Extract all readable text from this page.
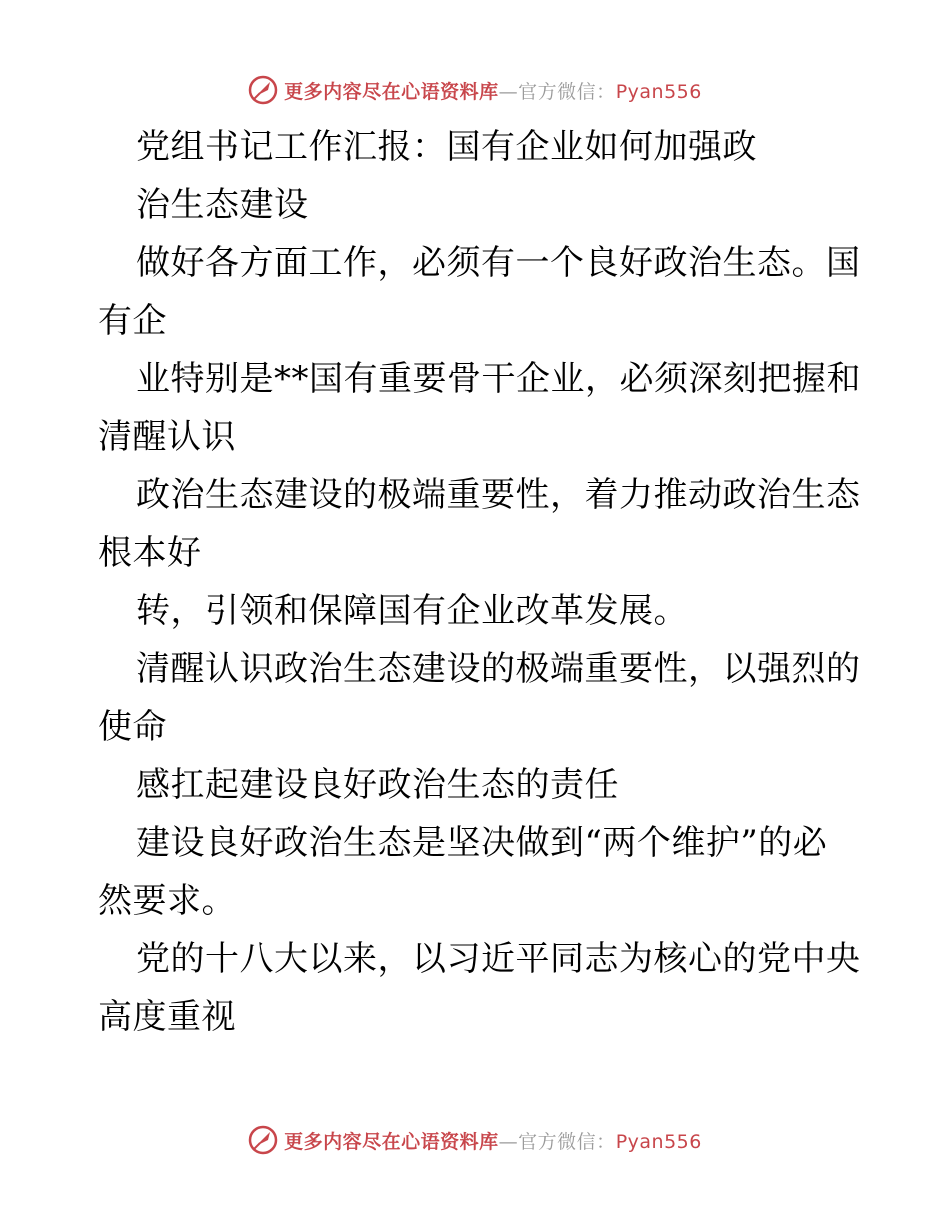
更多内容尽在心语资料库—官方微信：Pyan556
党组书记工作汇报：国有企业如何加强政
治生态建设
做好各方面工作，必须有一个良好政治生态。国
有企
业特别是**国有重要骨干企业，必须深刻把握和
清醒认识
政治生态建设的极端重要性，着力推动政治生态
根本好
转，引领和保障国有企业改革发展。
清醒认识政治生态建设的极端重要性，以强烈的
使命
感扛起建设良好政治生态的责任
建设良好政治生态是坚决做到“两个维护”的必
然要求。
党的十八大以来，以习近平同志为核心的党中央
高度重视
更多内容尽在心语资料库—官方微信：Pyan556
